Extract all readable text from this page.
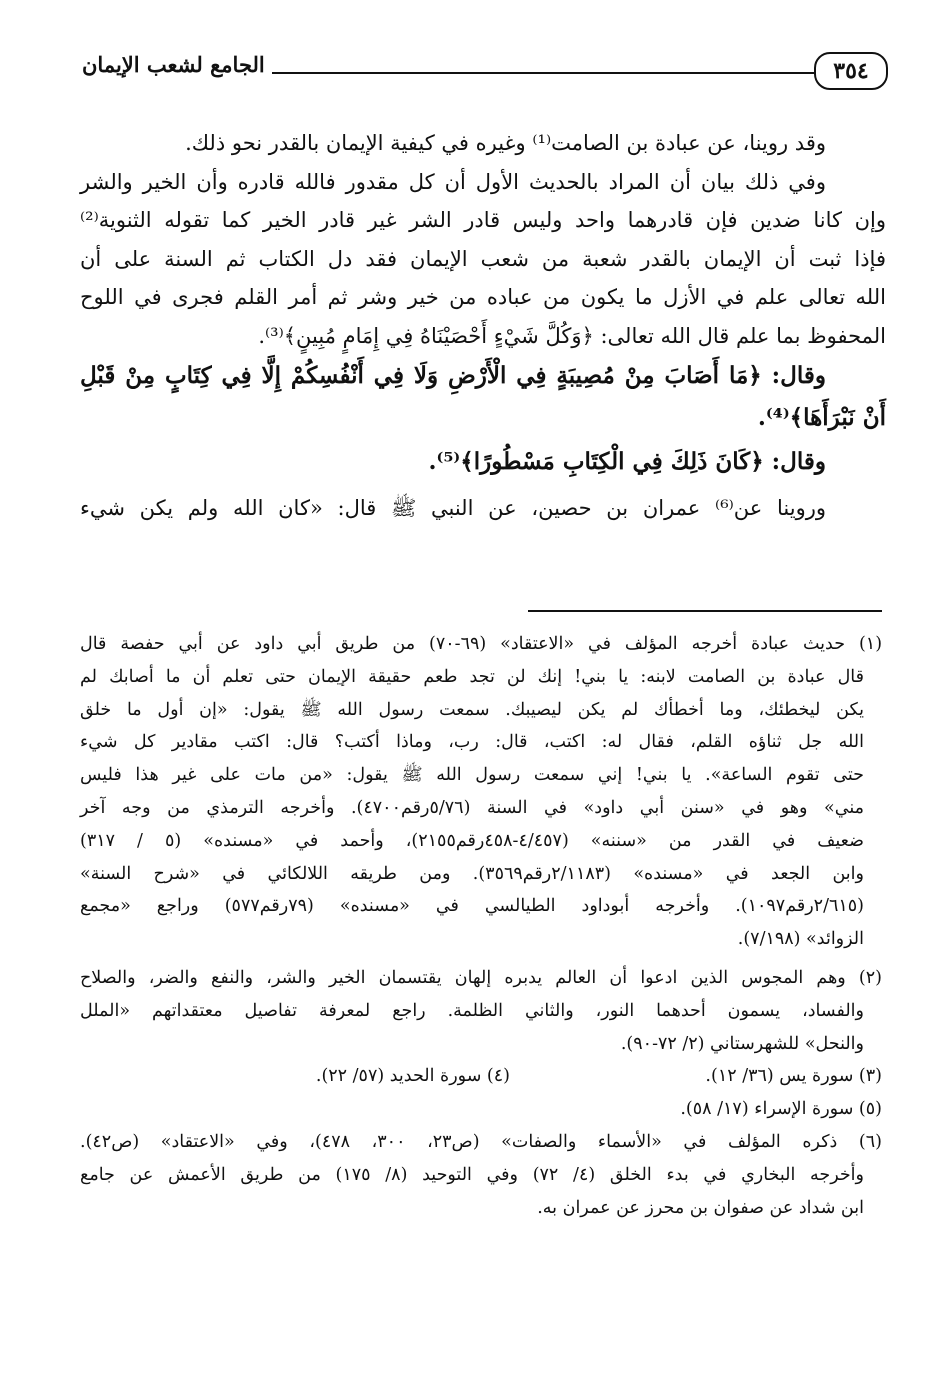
٣٥٤
الجامع لشعب الإيمان
وقد روينا، عن عبادة بن الصامت⁽¹⁾ وغيره في كيفية الإيمان بالقدر نحو ذلك.
وفي ذلك بيان أن المراد بالحديث الأول أن كل مقدور فالله قادره وأن الخير والشر
وإن كانا ضدين فإن قادرهما واحد وليس قادر الشر غير قادر الخير كما تقوله الثنوية⁽²⁾
فإذا ثبت أن الإيمان بالقدر شعبة من شعب الإيمان فقد دل الكتاب ثم السنة على أن
الله تعالى علم في الأزل ما يكون من عباده من خير وشر ثم أمر القلم فجرى في اللوح
المحفوظ بما علم قال الله تعالى: ﴿وَكُلَّ شَيْءٍ أَحْصَيْنَاهُ فِي إِمَامٍ مُبِينٍ﴾⁽³⁾.
وقال: ﴿مَا أَصَابَ مِنْ مُصِيبَةٍ فِي الْأَرْضِ وَلَا فِي أَنْفُسِكُمْ إِلَّا فِي كِتَابٍ مِنْ قَبْلِ
أَنْ نَبْرَأَهَا﴾⁽⁴⁾.
وقال: ﴿كَانَ ذَلِكَ فِي الْكِتَابِ مَسْطُورًا﴾⁽⁵⁾.
وروينا عن⁽⁶⁾ عمران بن حصين، عن النبي ﷺ قال: «كان الله ولم يكن شيء
(١) حديث عبادة أخرجه المؤلف في «الاعتقاد» (٦٩-٧٠) من طريق أبي داود عن أبي حفصة قال
قال عبادة بن الصامت لابنه: يا بني! إنك لن تجد طعم حقيقة الإيمان حتى تعلم أن ما أصابك لم
يكن ليخطئك، وما أخطأك لم يكن ليصيبك. سمعت رسول الله ﷺ يقول: «إن أول ما خلق
الله جل ثناؤه القلم، فقال له: اكتب، قال: رب، وماذا أكتب؟ قال: اكتب مقادير كل شيء
حتى تقوم الساعة». يا بني! إني سمعت رسول الله ﷺ يقول: «من مات على غير هذا فليس
مني» وهو في «سنن أبي داود» في السنة (٥/٧٦رقم٤٧٠٠). وأخرجه الترمذي من وجه آخر
ضعيف في القدر من «سننه» (٤/٤٥٧-٤٥٨رقم٢١٥٥)، وأحمد في «مسنده» (٥ / ٣١٧)
وابن الجعد في «مسنده» (٢/١١٨٣رقم٣٥٦٩). ومن طريقه اللالكائي في «شرح السنة»
(٢/٦١٥رقم١٠٩٧). وأخرجه أبوداود الطيالسي في «مسنده» (٧٩رقم٥٧٧) وراجع «مجمع
الزوائد» (٧/١٩٨).
(٢) وهم المجوس الذين ادعوا أن العالم يدبره إلهان يقتسمان الخير والشر، والنفع والضر، والصلاح
والفساد، يسمون أحدهما النور، والثاني الظلمة. راجع لمعرفة تفاصيل معتقداتهم «الملل
والنحل» للشهرستاني (٢/ ٧٢-٩٠).
(٣) سورة يس (٣٦/ ١٢).
(٤) سورة الحديد (٥٧/ ٢٢).
(٥) سورة الإسراء (١٧/ ٥٨).
(٦) ذكره المؤلف في «الأسماء والصفات» (ص٢٣، ٣٠٠، ٤٧٨)، وفي «الاعتقاد» (ص٤٢).
وأخرجه البخاري في بدء الخلق (٤/ ٧٢) وفي التوحيد (٨/ ١٧٥) من طريق الأعمش عن جامع
ابن شداد عن صفوان بن محرز عن عمران به.
